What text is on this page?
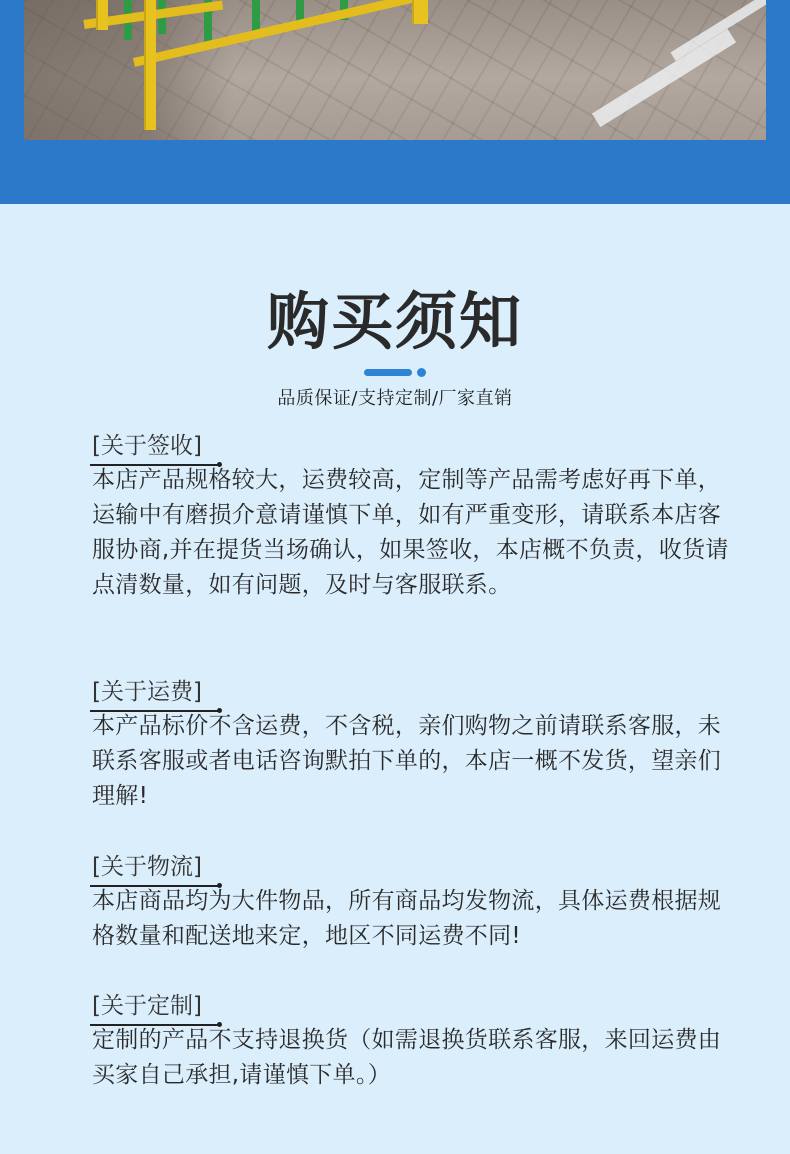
购买须知
品质保证/支持定制/厂家直销
[关于签收]
本店产品规格较大，运费较高，定制等产品需考虑好再下单，运输中有磨损介意请谨慎下单，如有严重变形，请联系本店客服协商,并在提货当场确认，如果签收，本店概不负责，收货请点清数量，如有问题，及时与客服联系。
[关于运费]
本产品标价不含运费，不含税，亲们购物之前请联系客服，未联系客服或者电话咨询默拍下单的，本店一概不发货，望亲们理解!
[关于物流]
本店商品均为大件物品，所有商品均发物流，具体运费根据规格数量和配送地来定，地区不同运费不同!
[关于定制]
定制的产品不支持退换货（如需退换货联系客服，来回运费由买家自己承担,请谨慎下单。）
